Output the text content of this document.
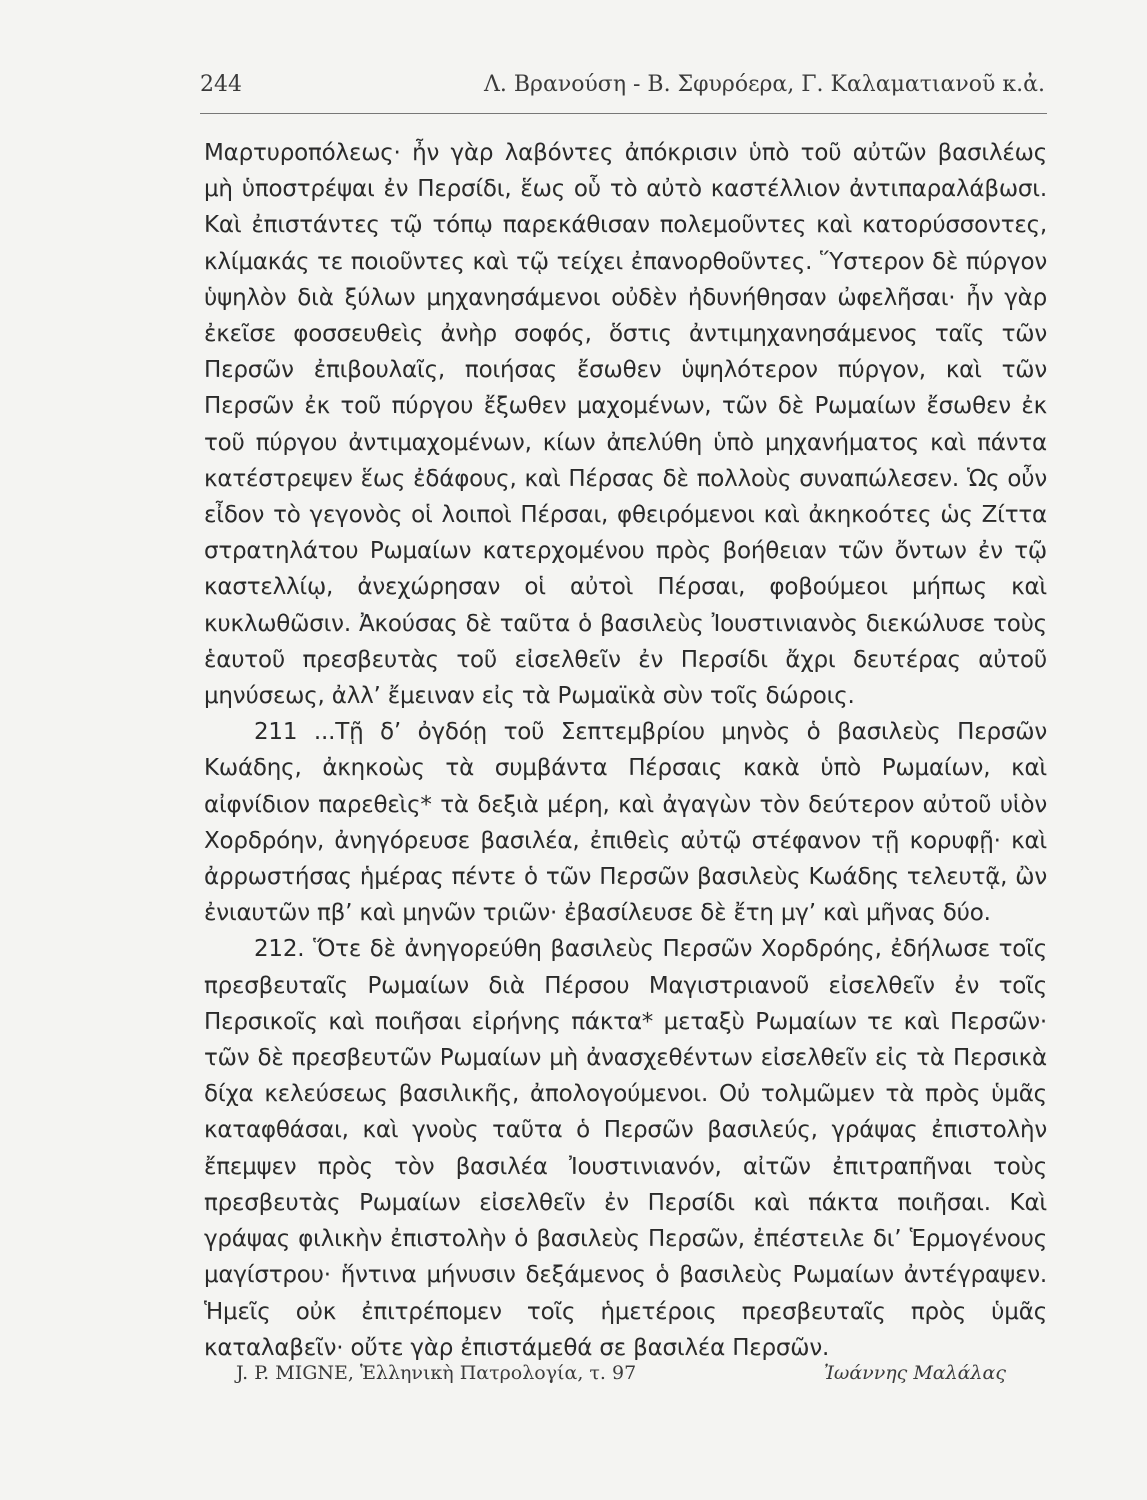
244	Λ. Βρανούση - Β. Σφυρόερα, Γ. Καλαματιανοῦ κ.ἀ.

Μαρτυροπόλεως· ἦν γὰρ λαβόντες ἀπόκρισιν ὑπὸ τοῦ αὐτῶν βασιλέως μὴ ὑποστρέψαι ἐν Περσίδι, ἕως οὗ τὸ αὐτὸ καστέλλιον ἀντιπαραλάβωσι. Καὶ ἐπιστάντες τῷ τόπῳ παρεκάθισαν πολεμοῦντες καὶ κατορύσσοντες, κλίμακάς τε ποιοῦντες καὶ τῷ τείχει ἐπανορθοῦντες. Ὕστερον δὲ πύργον ὑψηλὸν διὰ ξύλων μηχανησάμενοι οὐδὲν ἠδυνήθησαν ὠφελῆσαι· ἦν γὰρ ἐκεῖσε φοσσευθεὶς ἀνὴρ σοφός, ὅστις ἀντιμηχανησάμενος ταῖς τῶν Περσῶν ἐπιβουλαῖς, ποιήσας ἔσωθεν ὑψηλότερον πύργον, καὶ τῶν Περσῶν ἐκ τοῦ πύργου ἔξωθεν μαχομένων, τῶν δὲ Ρωμαίων ἔσωθεν ἐκ τοῦ πύργου ἀντιμαχομένων, κίων ἀπελύθη ὑπὸ μηχανήματος καὶ πάντα κατέστρεψεν ἕως ἐδάφους, καὶ Πέρσας δὲ πολλοὺς συναπώλεσεν. Ὡς οὖν εἶδον τὸ γεγονὸς οἱ λοιποὶ Πέρσαι, φθειρόμενοι καὶ ἀκηκοότες ὡς Ζίττα στρατηλάτου Ρωμαίων κατερχομένου πρὸς βοήθειαν τῶν ὄντων ἐν τῷ καστελλίῳ, ἀνεχώρησαν οἱ αὐτοὶ Πέρσαι, φοβούμεοι μήπως καὶ κυκλωθῶσιν. Ἀκούσας δὲ ταῦτα ὁ βασιλεὺς Ἰουστινιανὸς διεκώλυσε τοὺς ἑαυτοῦ πρεσβευτὰς τοῦ εἰσελθεῖν ἐν Περσίδι ἄχρι δευτέρας αὐτοῦ μηνύσεως, ἀλλ’ ἔμειναν εἰς τὰ Ρωμαϊκὰ σὺν τοῖς δώροις.

211 ...Τῇ δ’ ὀγδόῃ τοῦ Σεπτεμβρίου μηνὸς ὁ βασιλεὺς Περσῶν Κωάδης, ἀκηκοὼς τὰ συμβάντα Πέρσαις κακὰ ὑπὸ Ρωμαίων, καὶ αἰφνίδιον παρεθεὶς* τὰ δεξιὰ μέρη, καὶ ἀγαγὼν τὸν δεύτερον αὐτοῦ υἱὸν Χορδρόην, ἀνηγόρευσε βασιλέα, ἐπιθεὶς αὐτῷ στέφανον τῇ κορυφῇ· καὶ ἀρρωστήσας ἡμέρας πέντε ὁ τῶν Περσῶν βασιλεὺς Κωάδης τελευτᾷ, ὢν ἐνιαυτῶν πβ’ καὶ μηνῶν τριῶν· ἐβασίλευσε δὲ ἔτη μγ’ καὶ μῆνας δύο.

212. Ὅτε δὲ ἀνηγορεύθη βασιλεὺς Περσῶν Χορδρόης, ἐδήλωσε τοῖς πρεσβευταῖς Ρωμαίων διὰ Πέρσου Μαγιστριανοῦ εἰσελθεῖν ἐν τοῖς Περσικοῖς καὶ ποιῆσαι εἰρήνης πάκτα* μεταξὺ Ρωμαίων τε καὶ Περσῶν· τῶν δὲ πρεσβευτῶν Ρωμαίων μὴ ἀνασχεθέντων εἰσελθεῖν εἰς τὰ Περσικὰ δίχα κελεύσεως βασιλικῆς, ἀπολογούμενοι. Οὐ τολμῶμεν τὰ πρὸς ὑμᾶς καταφθάσαι, καὶ γνοὺς ταῦτα ὁ Περσῶν βασιλεύς, γράψας ἐπιστολὴν ἔπεμψεν πρὸς τὸν βασιλέα Ἰουστινιανόν, αἰτῶν ἐπιτραπῆναι τοὺς πρεσβευτὰς Ρωμαίων εἰσελθεῖν ἐν Περσίδι καὶ πάκτα ποιῆσαι. Καὶ γράψας φιλικὴν ἐπιστολὴν ὁ βασιλεὺς Περσῶν, ἐπέστειλε δι’ Ἑρμογένους μαγίστρου· ἥντινα μήνυσιν δεξάμενος ὁ βασιλεὺς Ρωμαίων ἀντέγραψεν. Ἡμεῖς οὐκ ἐπιτρέπομεν τοῖς ἡμετέροις πρεσβευταῖς πρὸς ὑμᾶς καταλαβεῖν· οὔτε γὰρ ἐπιστάμεθά σε βασιλέα Περσῶν.

J. P. MIGNE, Ἑλληνικὴ Πατρολογία, τ. 97	Ἰωάννης Μαλάλας
